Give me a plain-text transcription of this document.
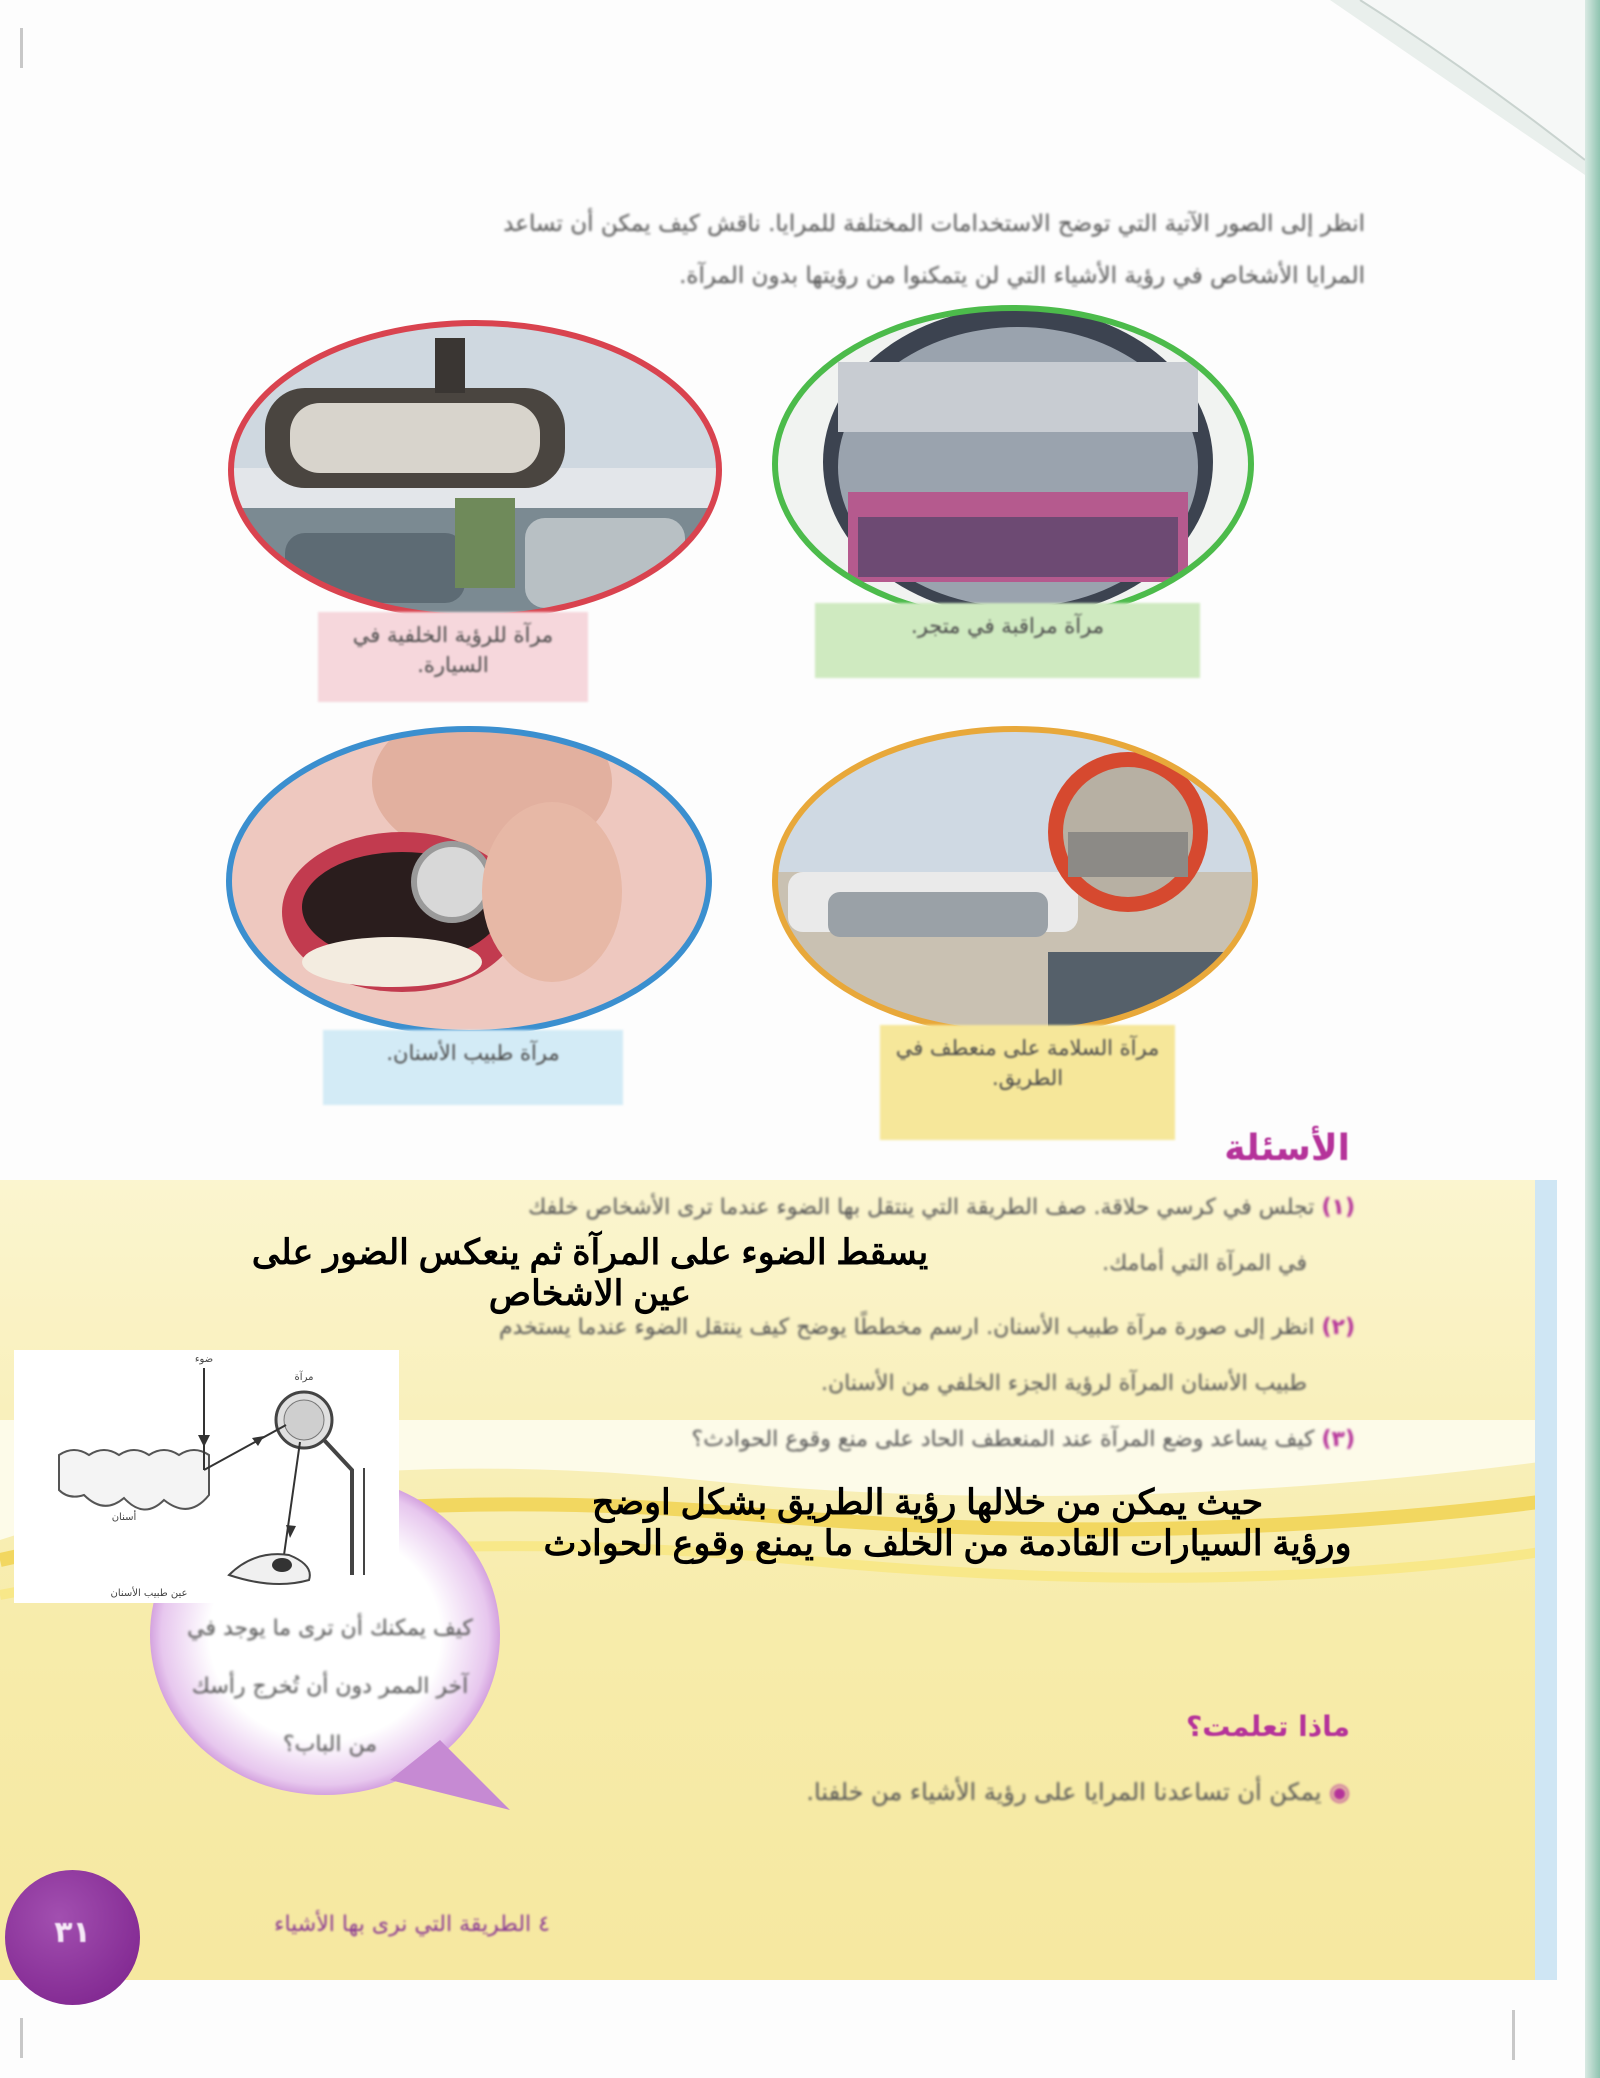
انظر إلى الصور الآتية التي توضح الاستخدامات المختلفة للمرايا. ناقش كيف يمكن أن تساعد
المرايا الأشخاص في رؤية الأشياء التي لن يتمكنوا من رؤيتها بدون المرآة.

مرآة للرؤية الخلفية في السيارة.
مرآة مراقبة في متجر.
مرآة طبيب الأسنان.	مرآة السلامة على منعطف في الطريق.
الأسئلة
(١) تجلس في كرسي حلاقة. صف الطريقة التي ينتقل بها الضوء عندما ترى الأشخاص خلفك
في المرآة التي أمامك.
(٢) انظر إلى صورة مرآة طبيب الأسنان. ارسم مخططًا يوضح كيف ينتقل الضوء عندما يستخدم
طبيب الأسنان المرآة لرؤية الجزء الخلفي من الأسنان.
(٣) كيف يساعد وضع المرآة عند المنعطف الحاد على منع وقوع الحوادث؟
كيف يمكنك أن ترى ما يوجد في
آخر الممر دون أن تُخرج رأسك
من الباب؟
ماذا تعلمت؟
◉ يمكن أن تساعدنا المرايا على رؤية الأشياء من خلفنا.
٣١	٤ الطريقة التي نرى بها الأشياء
يسقط الضوء على المرآة ثم ينعكس الضور على
عين الاشخاص
مرآة
ضوء
أسنان
عين طبيب الأسنان
حيث يمكن من خلالها رؤية الطريق بشكل اوضح
ورؤية السيارات القادمة من الخلف ما يمنع وقوع الحوادث
